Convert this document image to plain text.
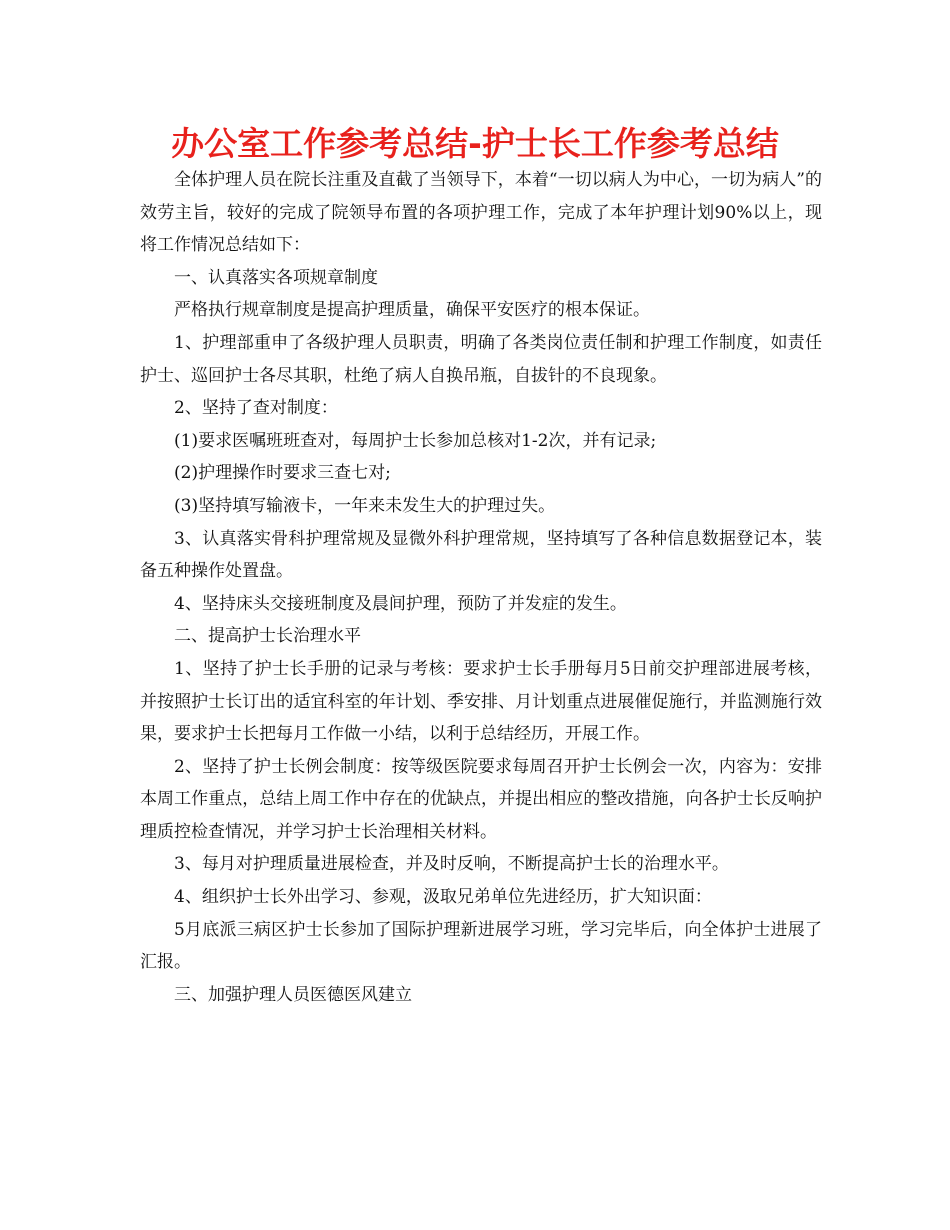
办公室工作参考总结-护士长工作参考总结

全体护理人员在院长注重及直截了当领导下，本着“一切以病人为中心，一切为病人”的效劳主旨，较好的完成了院领导布置的各项护理工作，完成了本年护理计划90%以上，现将工作情况总结如下：

一、认真落实各项规章制度

严格执行规章制度是提高护理质量，确保平安医疗的根本保证。

1、护理部重申了各级护理人员职责，明确了各类岗位责任制和护理工作制度，如责任护士、巡回护士各尽其职，杜绝了病人自换吊瓶，自拔针的不良现象。

2、坚持了查对制度：

(1)要求医嘱班班查对，每周护士长参加总核对1-2次，并有记录;

(2)护理操作时要求三查七对;

(3)坚持填写输液卡，一年来未发生大的护理过失。

3、认真落实骨科护理常规及显微外科护理常规，坚持填写了各种信息数据登记本，装备五种操作处置盘。

4、坚持床头交接班制度及晨间护理，预防了并发症的发生。

二、提高护士长治理水平

1、坚持了护士长手册的记录与考核：要求护士长手册每月5日前交护理部进展考核，并按照护士长订出的适宜科室的年计划、季安排、月计划重点进展催促施行，并监测施行效果，要求护士长把每月工作做一小结，以利于总结经历，开展工作。

2、坚持了护士长例会制度：按等级医院要求每周召开护士长例会一次，内容为：安排本周工作重点，总结上周工作中存在的优缺点，并提出相应的整改措施，向各护士长反响护理质控检查情况，并学习护士长治理相关材料。

3、每月对护理质量进展检查，并及时反响，不断提高护士长的治理水平。

4、组织护士长外出学习、参观，汲取兄弟单位先进经历，扩大知识面：

5月底派三病区护士长参加了国际护理新进展学习班，学习完毕后，向全体护士进展了汇报。

三、加强护理人员医德医风建立
